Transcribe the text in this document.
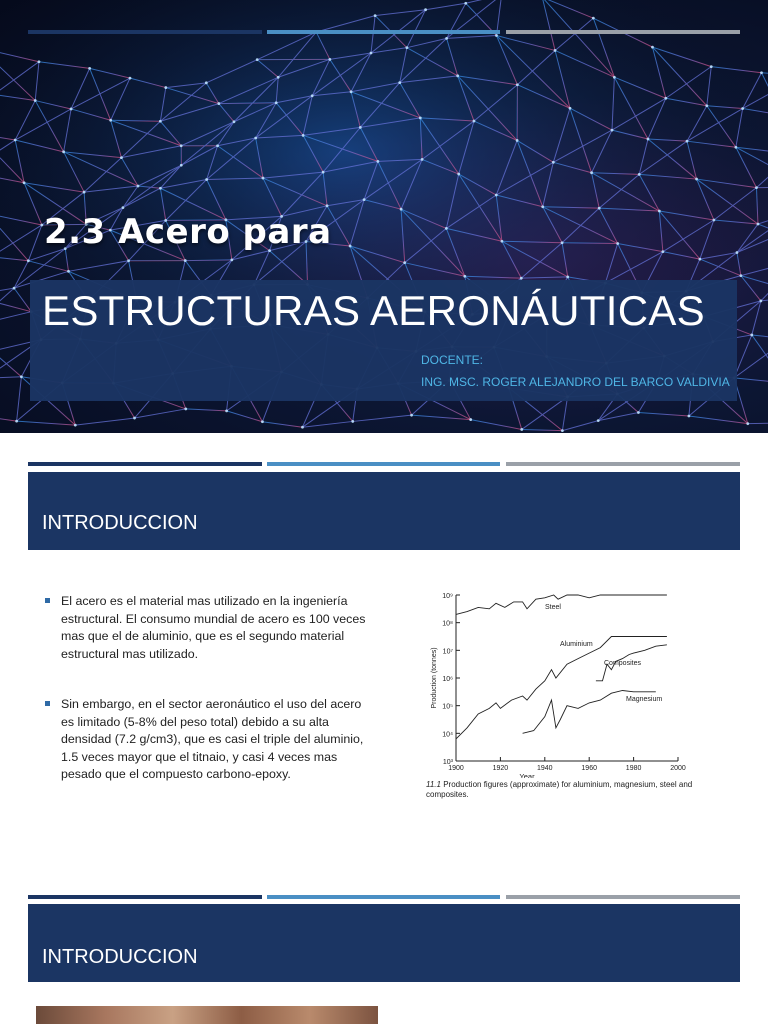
2.3 Acero para
ESTRUCTURAS AERONÁUTICAS
DOCENTE:
ING. MSC. ROGER ALEJANDRO DEL BARCO VALDIVIA
INTRODUCCION
El acero es el material mas utilizado en la ingeniería estructural. El consumo mundial de acero es 100 veces mas que el de aluminio, que es el segundo material estructural mas utilizado.
Sin embargo, en el sector aeronáutico el uso del acero es limitado (5-8% del peso total) debido a su alta densidad (7.2 g/cm3), que es casi el triple del aluminio, 1.5 veces mayor que el titnaio, y casi 4 veces mas pesado que el compuesto carbono-epoxy.
10³
10⁴
10⁵
10⁶
10⁷
10⁸
10⁹
1900	1920	1940	1960	1980	2000
Year
Production (tonnes)
Steel
Aluminium
Composites
Magnesium
11.1 Production figures (approximate) for aluminium, magnesium, steel and composites.
INTRODUCCION
